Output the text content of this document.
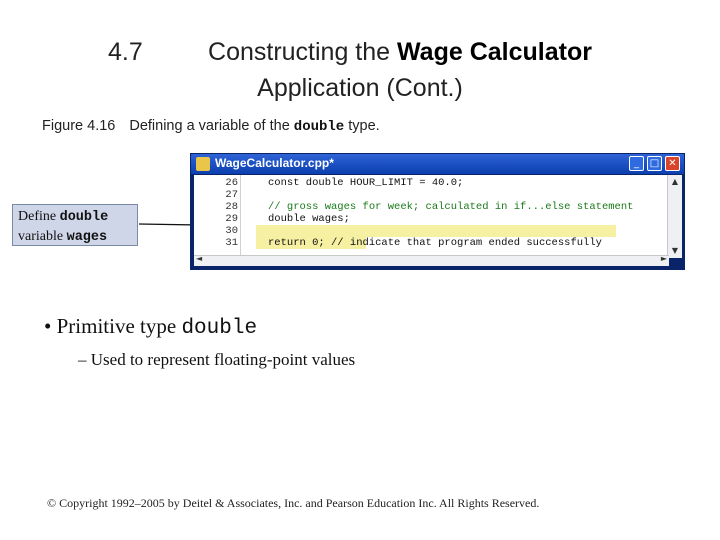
4.7	Constructing the Wage Calculator
Application (Cont.)
Figure 4.16 Defining a variable of the double type.
Define double
variable wages
WageCalculator.cpp*	_	□ ✕
26	const double HOUR_LIMIT = 40.0;
27
28	// gross wages for week; calculated in if...else statement
29	double wages;
30
31	return 0; // indicate that program ended successfully
▲
▼
◄	►
• Primitive type double
– Used to represent floating-point values
© Copyright 1992–2005 by Deitel & Associates, Inc. and Pearson Education Inc. All Rights Reserved.
